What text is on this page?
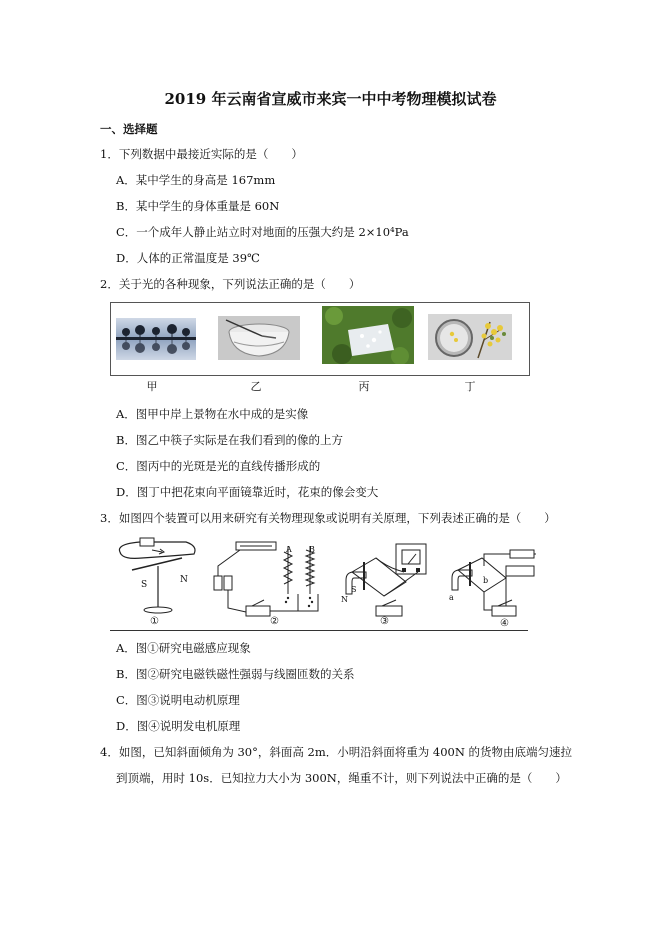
2019 年云南省宣威市来宾一中中考物理模拟试卷
一、选择题
1．下列数据中最接近实际的是（　　）
A．某中学生的身高是 167mm
B．某中学生的身体重量是 60N
C．一个成年人静止站立时对地面的压强大约是 2×10⁴Pa
D．人体的正常温度是 39℃
2．关于光的各种现象，下列说法正确的是（　　）
甲	乙	丙	丁
A．图甲中岸上景物在水中成的是实像
B．图乙中筷子实际是在我们看到的像的上方
C．图丙中的光斑是光的直线传播形成的
D．图丁中把花束向平面镜靠近时，花束的像会变大
3．如图四个装置可以用来研究有关物理现象或说明有关原理，下列表述正确的是（　　）
S	N
A B
S
N	a
b
①	②	③	④
A．图①研究电磁感应现象
B．图②研究电磁铁磁性强弱与线圈匝数的关系
C．图③说明电动机原理
D．图④说明发电机原理
4．如图，已知斜面倾角为 30°，斜面高 2m．小明沿斜面将重为 400N 的货物由底端匀速拉
到顶端，用时 10s．已知拉力大小为 300N，绳重不计，则下列说法中正确的是（　　）
